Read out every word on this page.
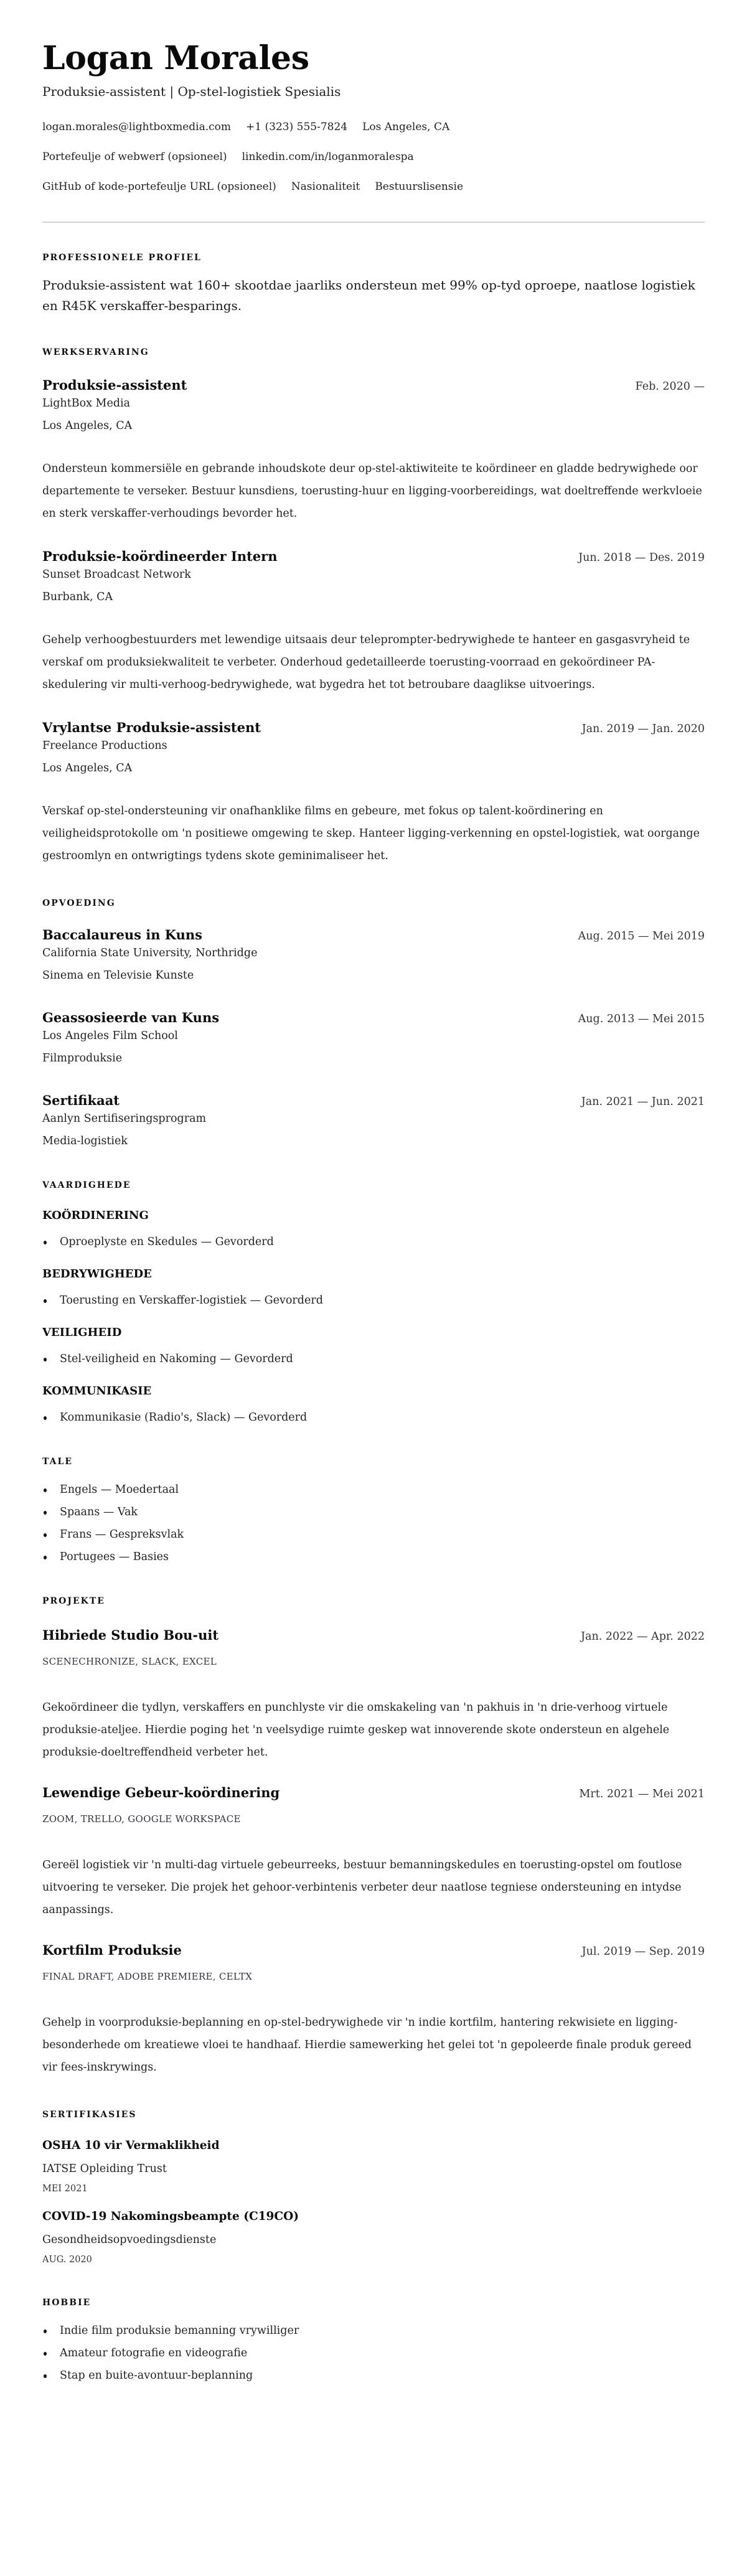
Logan Morales
Produksie-assistent | Op-stel-logistiek Spesialis
logan.morales@lightboxmedia.com +1 (323) 555-7824 Los Angeles, CA
Portefeulje of webwerf (opsioneel) linkedin.com/in/loganmoralespa
GitHub of kode-portefeulje URL (opsioneel) Nasionaliteit Bestuurslisensie
PROFESSIONELE PROFIEL

Produksie-assistent wat 160+ skootdae jaarliks ondersteun met 99% op-tyd oproepe, naatlose logistiek en R45K verskaffer-besparings.

WERKSERVARING
Produksie-assistent	Feb. 2020 —
LightBox Media
Los Angeles, CA

Ondersteun kommersiële en gebrande inhoudskote deur op-stel-aktiwiteite te koördineer en gladde bedrywighede oor departemente te verseker. Bestuur kunsdiens, toerusting-huur en ligging-voorbereidings, wat doeltreffende werkvloeie en sterk verskaffer-verhoudings bevorder het.

Produksie-koördineerder Intern	Jun. 2018 — Des. 2019
Sunset Broadcast Network
Burbank, CA

Gehelp verhoogbestuurders met lewendige uitsaais deur teleprompter-bedrywighede te hanteer en gasgasvryheid te verskaf om produksiekwaliteit te verbeter. Onderhoud gedetailleerde toerusting-voorraad en gekoördineer PA-skedulering vir multi-verhoog-bedrywighede, wat bygedra het tot betroubare daaglikse uitvoerings.

Vrylantse Produksie-assistent	Jan. 2019 — Jan. 2020
Freelance Productions
Los Angeles, CA

Verskaf op-stel-ondersteuning vir onafhanklike films en gebeure, met fokus op talent-koördinering en veiligheidsprotokolle om 'n positiewe omgewing te skep. Hanteer ligging-verkenning en opstel-logistiek, wat oorgange gestroomlyn en ontwrigtings tydens skote geminimaliseer het.

OPVOEDING
Baccalaureus in Kuns	Aug. 2015 — Mei 2019
California State University, Northridge
Sinema en Televisie Kunste
Geassosieerde van Kuns	Aug. 2013 — Mei 2015
Los Angeles Film School
Filmproduksie
Sertifikaat	Jan. 2021 — Jun. 2021
Aanlyn Sertifiseringsprogram
Media-logistiek
VAARDIGHEDE
KOÖRDINERING
Oproeplyste en Skedules — Gevorderd
BEDRYWIGHEDE
Toerusting en Verskaffer-logistiek — Gevorderd
VEILIGHEID
Stel-veiligheid en Nakoming — Gevorderd
KOMMUNIKASIE
Kommunikasie (Radio's, Slack) — Gevorderd
TALE
Engels — Moedertaal
Spaans — Vak
Frans — Gespreksvlak
Portugees — Basies
PROJEKTE
Hibriede Studio Bou-uit	Jan. 2022 — Apr. 2022
SCENECHRONIZE, SLACK, EXCEL

Gekoördineer die tydlyn, verskaffers en punchlyste vir die omskakeling van 'n pakhuis in 'n drie-verhoog virtuele produksie-ateljee. Hierdie poging het 'n veelsydige ruimte geskep wat innoverende skote ondersteun en algehele produksie-doeltreffendheid verbeter het.

Lewendige Gebeur-koördinering	Mrt. 2021 — Mei 2021
ZOOM, TRELLO, GOOGLE WORKSPACE

Gereël logistiek vir 'n multi-dag virtuele gebeurreeks, bestuur bemanningskedules en toerusting-opstel om foutlose uitvoering te verseker. Die projek het gehoor-verbintenis verbeter deur naatlose tegniese ondersteuning en intydse aanpassings.

Kortfilm Produksie	Jul. 2019 — Sep. 2019
FINAL DRAFT, ADOBE PREMIERE, CELTX

Gehelp in voorproduksie-beplanning en op-stel-bedrywighede vir 'n indie kortfilm, hantering rekwisiete en ligging-besonderhede om kreatiewe vloei te handhaaf. Hierdie samewerking het gelei tot 'n gepoleerde finale produk gereed vir fees-inskrywings.

SERTIFIKASIES
OSHA 10 vir Vermaklikheid
IATSE Opleiding Trust
MEI 2021
COVID-19 Nakomingsbeampte (C19CO)
Gesondheidsopvoedingsdienste
AUG. 2020
HOBBIE
Indie film produksie bemanning vrywilliger
Amateur fotografie en videografie
Stap en buite-avontuur-beplanning
